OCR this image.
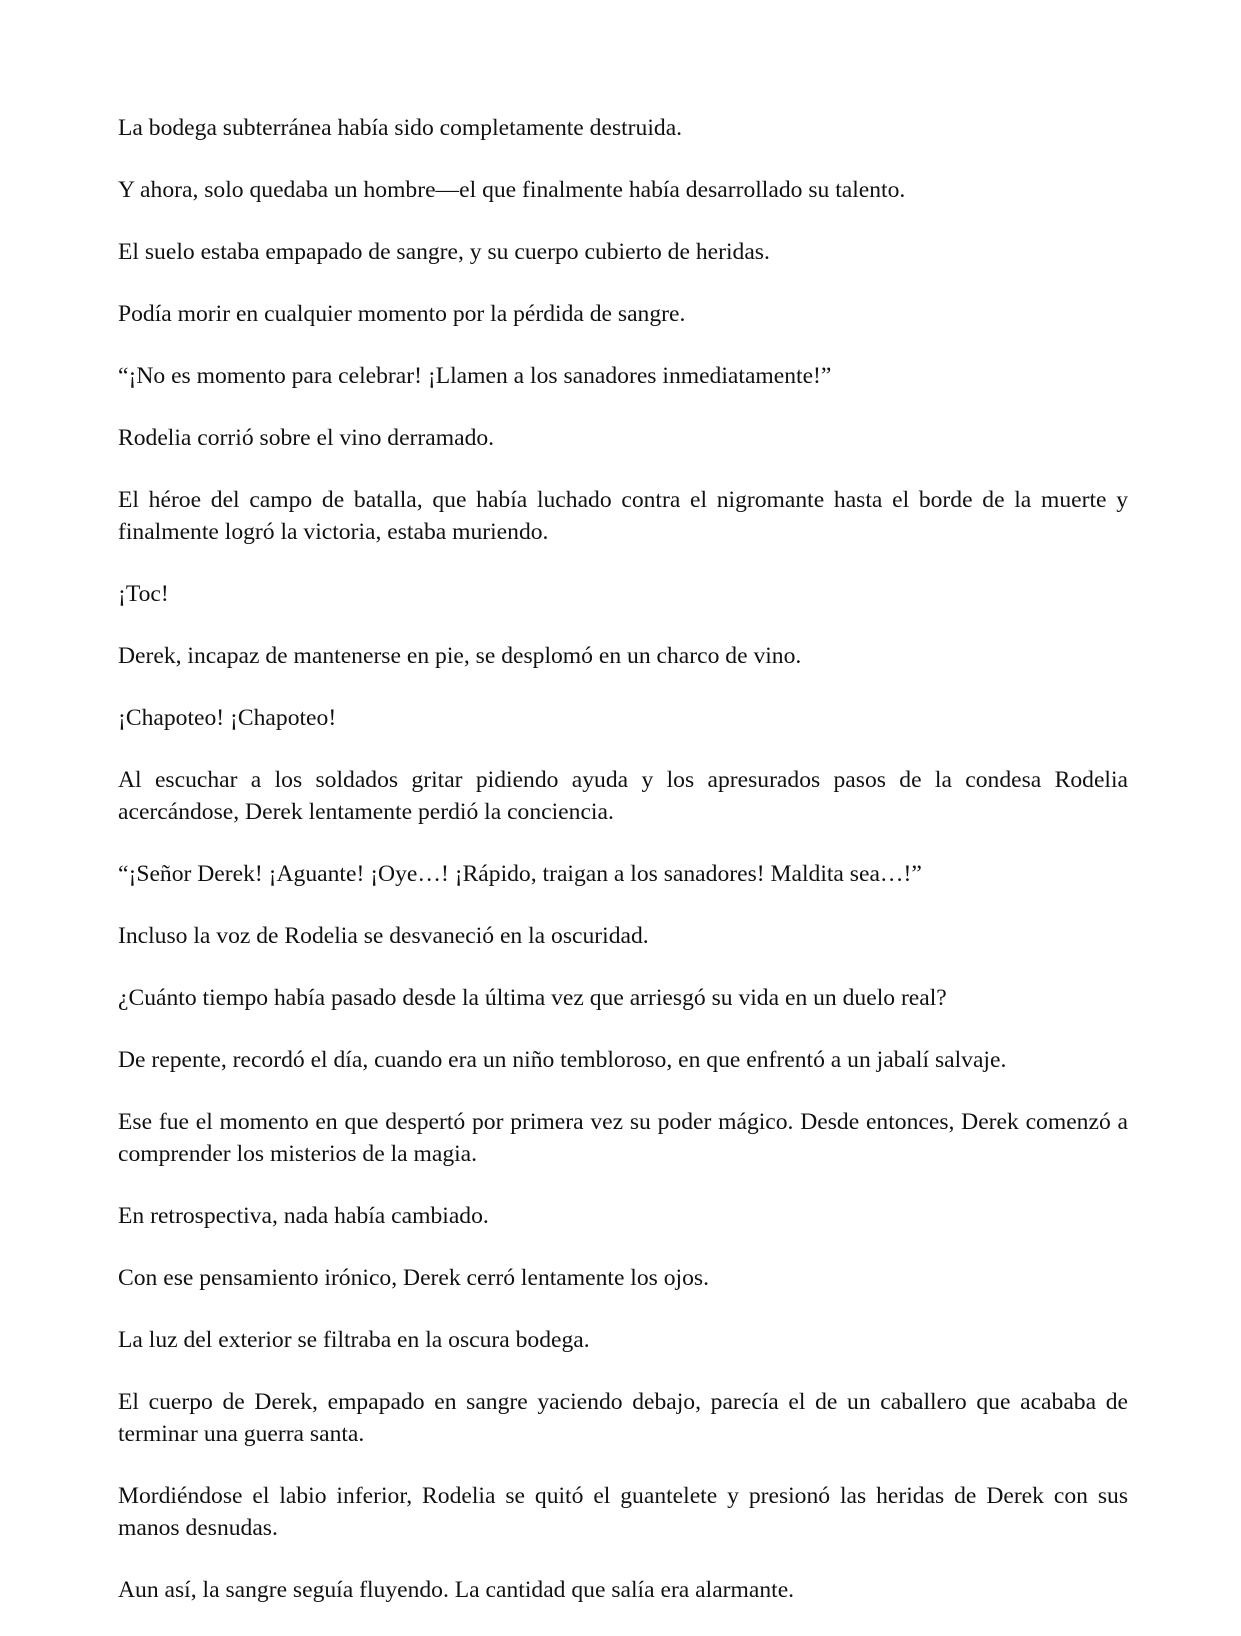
La bodega subterránea había sido completamente destruida.

Y ahora, solo quedaba un hombre—el que finalmente había desarrollado su talento.

El suelo estaba empapado de sangre, y su cuerpo cubierto de heridas.

Podía morir en cualquier momento por la pérdida de sangre.

“¡No es momento para celebrar! ¡Llamen a los sanadores inmediatamente!”

Rodelia corrió sobre el vino derramado.

El héroe del campo de batalla, que había luchado contra el nigromante hasta el borde de la muerte y finalmente logró la victoria, estaba muriendo.

¡Toc!

Derek, incapaz de mantenerse en pie, se desplomó en un charco de vino.

¡Chapoteo! ¡Chapoteo!

Al escuchar a los soldados gritar pidiendo ayuda y los apresurados pasos de la condesa Rodelia acercándose, Derek lentamente perdió la conciencia.

“¡Señor Derek! ¡Aguante! ¡Oye…! ¡Rápido, traigan a los sanadores! Maldita sea…!”

Incluso la voz de Rodelia se desvaneció en la oscuridad.

¿Cuánto tiempo había pasado desde la última vez que arriesgó su vida en un duelo real?

De repente, recordó el día, cuando era un niño tembloroso, en que enfrentó a un jabalí salvaje.

Ese fue el momento en que despertó por primera vez su poder mágico. Desde entonces, Derek comenzó a comprender los misterios de la magia.

En retrospectiva, nada había cambiado.

Con ese pensamiento irónico, Derek cerró lentamente los ojos.

La luz del exterior se filtraba en la oscura bodega.

El cuerpo de Derek, empapado en sangre yaciendo debajo, parecía el de un caballero que acababa de terminar una guerra santa.

Mordiéndose el labio inferior, Rodelia se quitó el guantelete y presionó las heridas de Derek con sus manos desnudas.

Aun así, la sangre seguía fluyendo. La cantidad que salía era alarmante.
